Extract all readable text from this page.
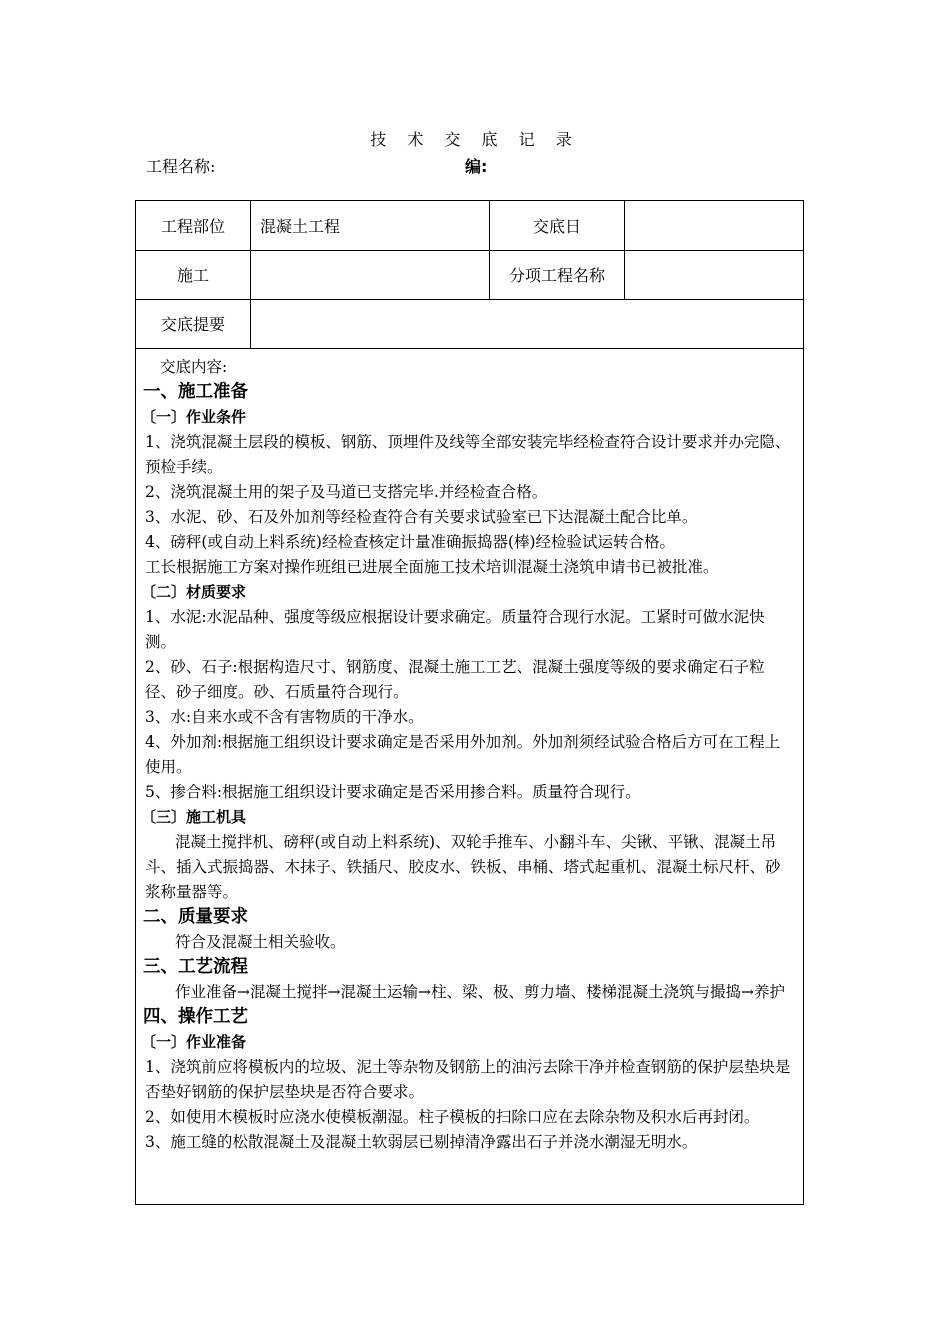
技 术 交 底 记 录
工程名称:	编:
工程部位	混凝土工程	交底日	
施工		分项工程名称	
交底提要			

交底内容:

一、施工准备

〔一〕作业条件

1、浇筑混凝土层段的模板、钢筋、顶埋件及线等全部安装完毕经检查符合设计要求并办完隐、预检手续。

2、浇筑混凝土用的架子及马道已支搭完毕.并经检查合格。

3、水泥、砂、石及外加剂等经检查符合有关要求试验室已下达混凝土配合比单。

4、磅秤(或自动上料系统)经检查核定计量准确振捣器(棒)经检验试运转合格。

工长根据施工方案对操作班组已进展全面施工技术培训混凝土浇筑申请书已被批准。

〔二〕材质要求

1、水泥:水泥品种、强度等级应根据设计要求确定。质量符合现行水泥。工紧时可做水泥快测。

2、砂、石子:根据构造尺寸、钢筋度、混凝土施工工艺、混凝土强度等级的要求确定石子粒径、砂子细度。砂、石质量符合现行。

3、水:自来水或不含有害物质的干净水。

4、外加剂:根据施工组织设计要求确定是否采用外加剂。外加剂须经试验合格后方可在工程上使用。

5、掺合料:根据施工组织设计要求确定是否采用掺合料。质量符合现行。

〔三〕施工机具

混凝土搅拌机、磅秤(或自动上料系统)、双轮手推车、小翻斗车、尖锹、平锹、混凝土吊斗、插入式振捣器、木抹子、铁插尺、胶皮水、铁板、串桶、塔式起重机、混凝土标尺杆、砂浆称量器等。

二、质量要求

符合及混凝土相关验收。

三、工艺流程

作业准备→混凝土搅拌→混凝土运输→柱、梁、极、剪力墙、楼梯混凝土浇筑与撮捣→养护

四、操作工艺

〔一〕作业准备

1、浇筑前应将模板内的垃圾、泥土等杂物及钢筋上的油污去除干净并检查钢筋的保护层垫块是否垫好钢筋的保护层垫块是否符合要求。

2、如使用木模板时应浇水使模板潮湿。柱子模板的扫除口应在去除杂物及积水后再封闭。

3、施工缝的松散混凝土及混凝土软弱层已剔掉清净露出石子并浇水潮湿无明水。
